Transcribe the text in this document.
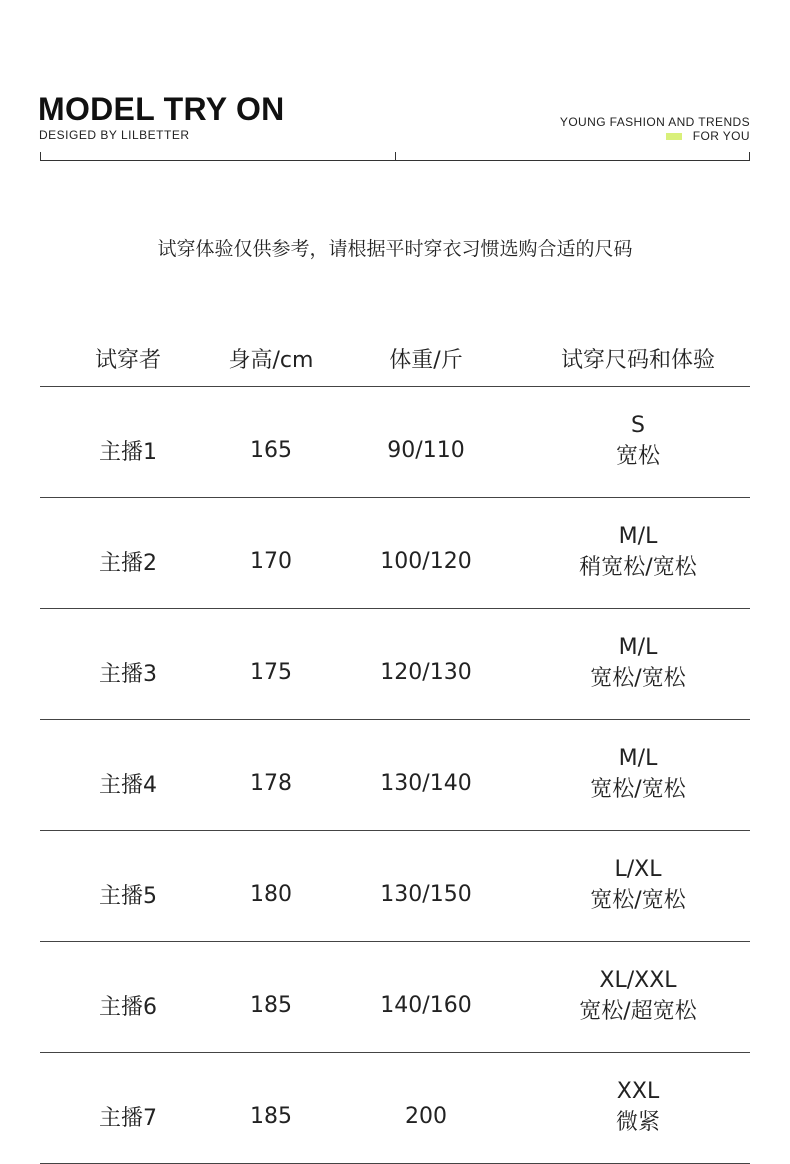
MODEL TRY ON
DESIGED BY LILBETTER
YOUNG FASHION AND TRENDS
FOR YOU
试穿体验仅供参考，请根据平时穿衣习惯选购合适的尺码
试穿者	身高/cm	体重/斤	试穿尺码和体验
主播1	165	90/110	S
宽松

主播2	170	100/120	M/L
稍宽松/宽松

主播3	175	120/130	M/L
宽松/宽松

主播4	178	130/140	M/L
宽松/宽松

主播5	180	130/150	L/XL
宽松/宽松

主播6	185	140/160	XL/XXL
宽松/超宽松

主播7	185	200	XXL
微紧
